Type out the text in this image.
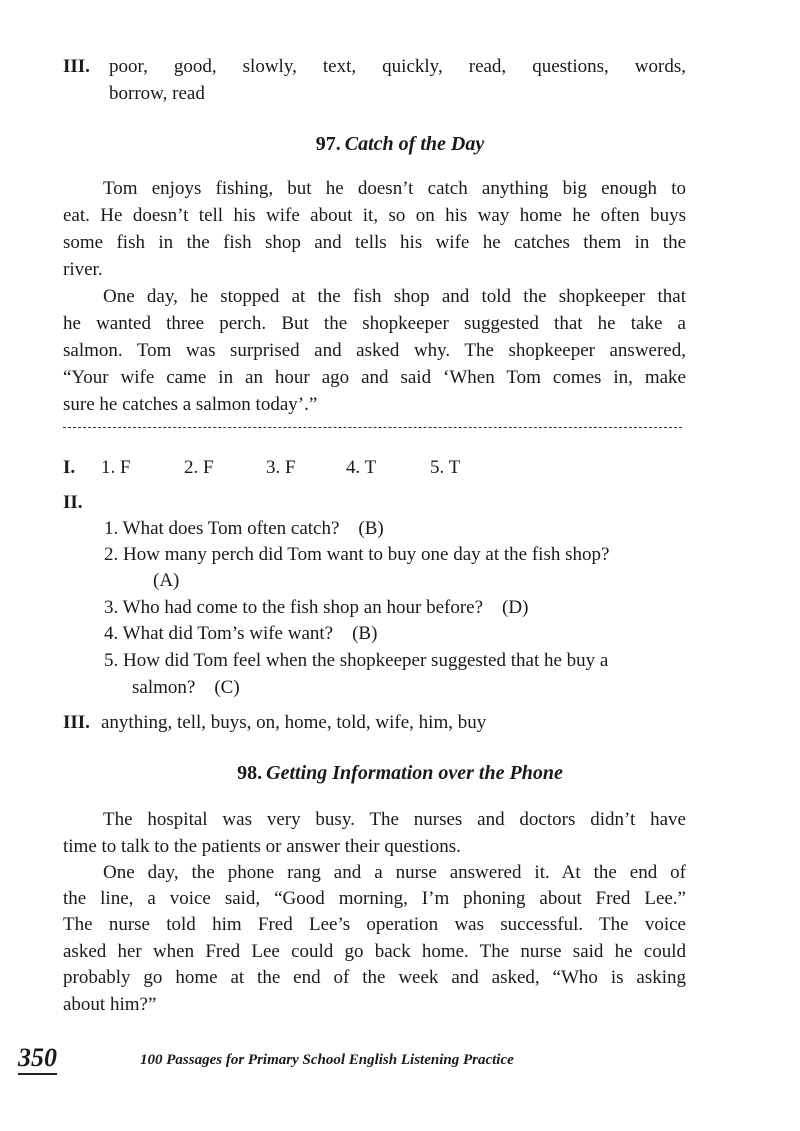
III. poor, good, slowly, text, quickly, read, questions, words,
borrow, read
97. Catch of the Day
Tom enjoys fishing, but he doesn’t catch anything big enough to
eat. He doesn’t tell his wife about it, so on his way home he often buys
some fish in the fish shop and tells his wife he catches them in the
river.
One day, he stopped at the fish shop and told the shopkeeper that
he wanted three perch. But the shopkeeper suggested that he take a
salmon. Tom was surprised and asked why. The shopkeeper answered,
“Your wife came in an hour ago and said ‘When Tom comes in, make
sure he catches a salmon today’.”
I. 1. F	2. F	3. F	4. T	5. T
II.
1. What does Tom often catch?　(B)
2. How many perch did Tom want to buy one day at the fish shop?
(A)
3. Who had come to the fish shop an hour before?　(D)
4. What did Tom’s wife want?　(B)
5. How did Tom feel when the shopkeeper suggested that he buy a
salmon?　(C)
III. anything, tell, buys, on, home, told, wife, him, buy
98. Getting Information over the Phone
The hospital was very busy. The nurses and doctors didn’t have
time to talk to the patients or answer their questions.
One day, the phone rang and a nurse answered it. At the end of
the line, a voice said, “Good morning, I’m phoning about Fred Lee.”
The nurse told him Fred Lee’s operation was successful. The voice
asked her when Fred Lee could go back home. The nurse said he could
probably go home at the end of the week and asked, “Who is asking
about him?”
350	100 Passages for Primary School English Listening Practice
